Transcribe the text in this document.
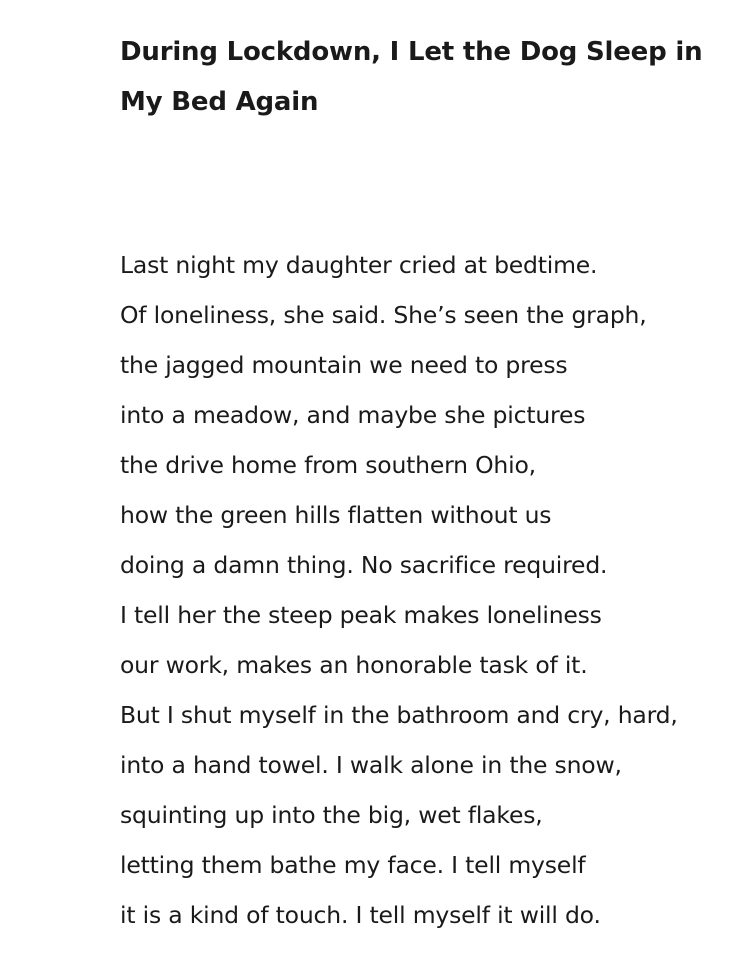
During Lockdown, I Let the Dog Sleep in My Bed Again
Last night my daughter cried at bedtime.
Of loneliness, she said. She’s seen the graph,
the jagged mountain we need to press
into a meadow, and maybe she pictures
the drive home from southern Ohio,
how the green hills flatten without us
doing a damn thing. No sacrifice required.
I tell her the steep peak makes loneliness
our work, makes an honorable task of it.
But I shut myself in the bathroom and cry, hard,
into a hand towel. I walk alone in the snow,
squinting up into the big, wet flakes,
letting them bathe my face. I tell myself
it is a kind of touch. I tell myself it will do.
